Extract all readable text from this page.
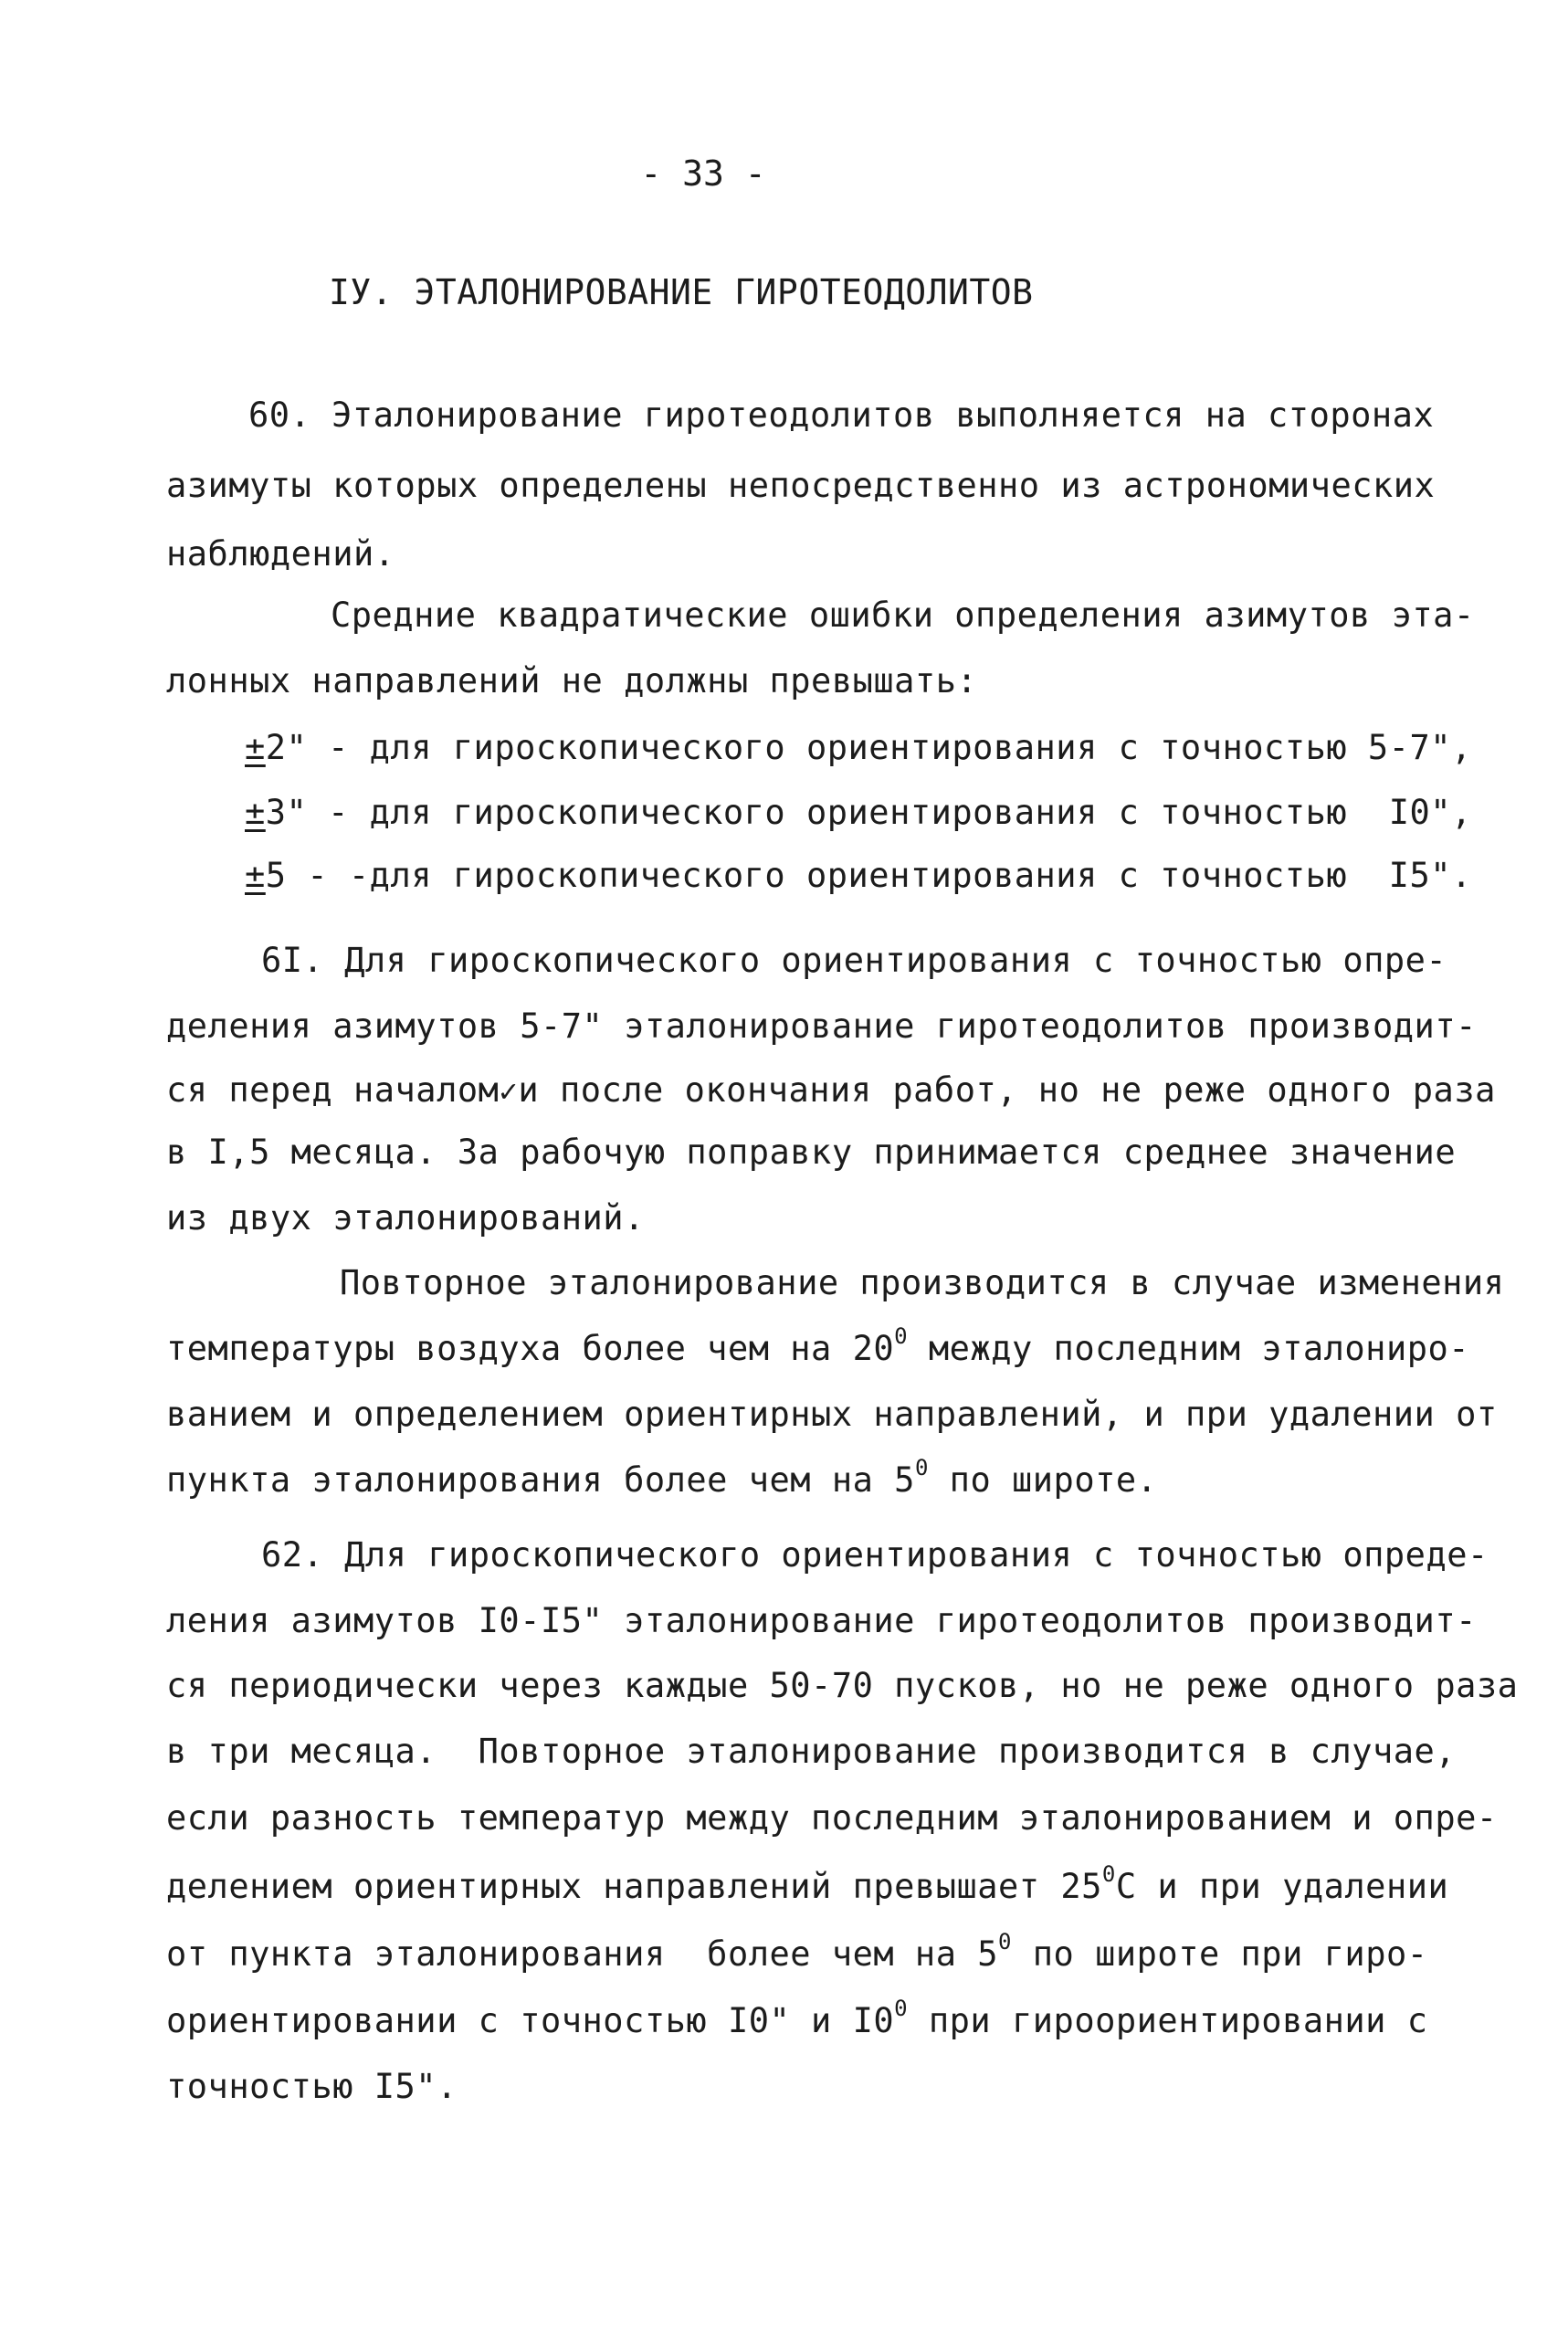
- 33 -
IУ. ЭТАЛОНИРОВАНИЕ ГИРОТЕОДОЛИТОВ
60. Эталонирование гиротеодолитов выполняется на сторонах
азимуты которых определены непосредственно из астрономических
наблюдений.
Средние квадратические ошибки определения азимутов эта-
лонных направлений не должны превышать:
±2" - для гироскопического ориентирования с точностью 5-7",
±3" - для гироскопического ориентирования с точностью  I0",
±5 - -для гироскопического ориентирования с точностью  I5".
6I. Для гироскопического ориентирования с точностью опре-
деления азимутов 5-7" эталонирование гиротеодолитов производит-
ся перед началом✓и после окончания работ, но не реже одного раза
в I,5 месяца. За рабочую поправку принимается среднее значение
из двух эталонирований.
Повторное эталонирование производится в случае изменения
температуры воздуха более чем на $20^0$ между последним эталониро-
ванием и определением ориентирных направлений, и при удалении от
пункта эталонирования более чем на $5^0$ по широте.
62. Для гироскопического ориентирования с точностью опреде-
ления азимутов I0-I5" эталонирование гиротеодолитов производит-
ся периодически через каждые 50-70 пусков, но не реже одного раза
в три месяца.  Повторное эталонирование производится в случае,
если разность температур между последним эталонированием и опре-
делением ориентирных направлений превышает $25^0С$ и при удалении
от пункта эталонирования  более чем на $5^0$ по широте при гиро-
ориентировании с точностью I0" и $I0^0$ при гироориентировании с
точностью I5".
